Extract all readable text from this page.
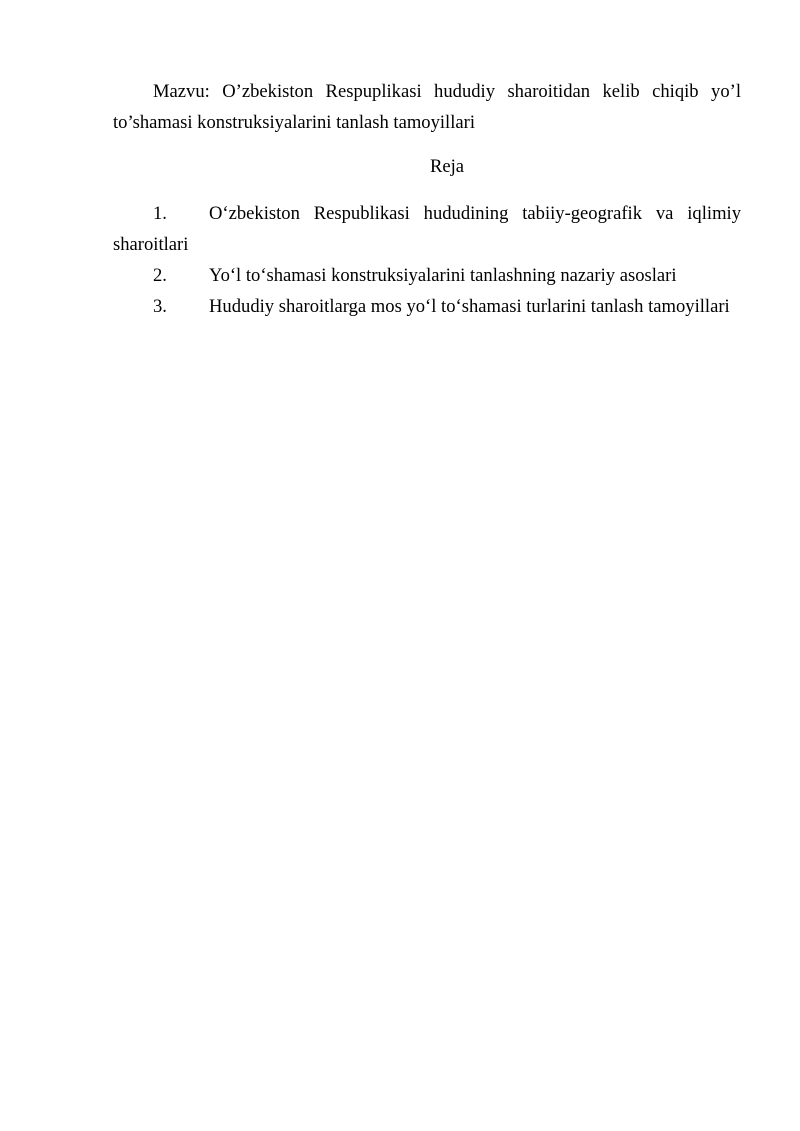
Mazvu: O’zbekiston Respuplikasi hududiy sharoitidan kelib chiqib yo’l to’shamasi konstruksiyalarini tanlash tamoyillari

Reja

1.	O‘zbekiston Respublikasi hududining tabiiy-geografik va iqlimiy sharoitlari
2.	Yo‘l to‘shamasi konstruksiyalarini tanlashning nazariy asoslari
3.	Hududiy sharoitlarga mos yo‘l to‘shamasi turlarini tanlash tamoyillari
